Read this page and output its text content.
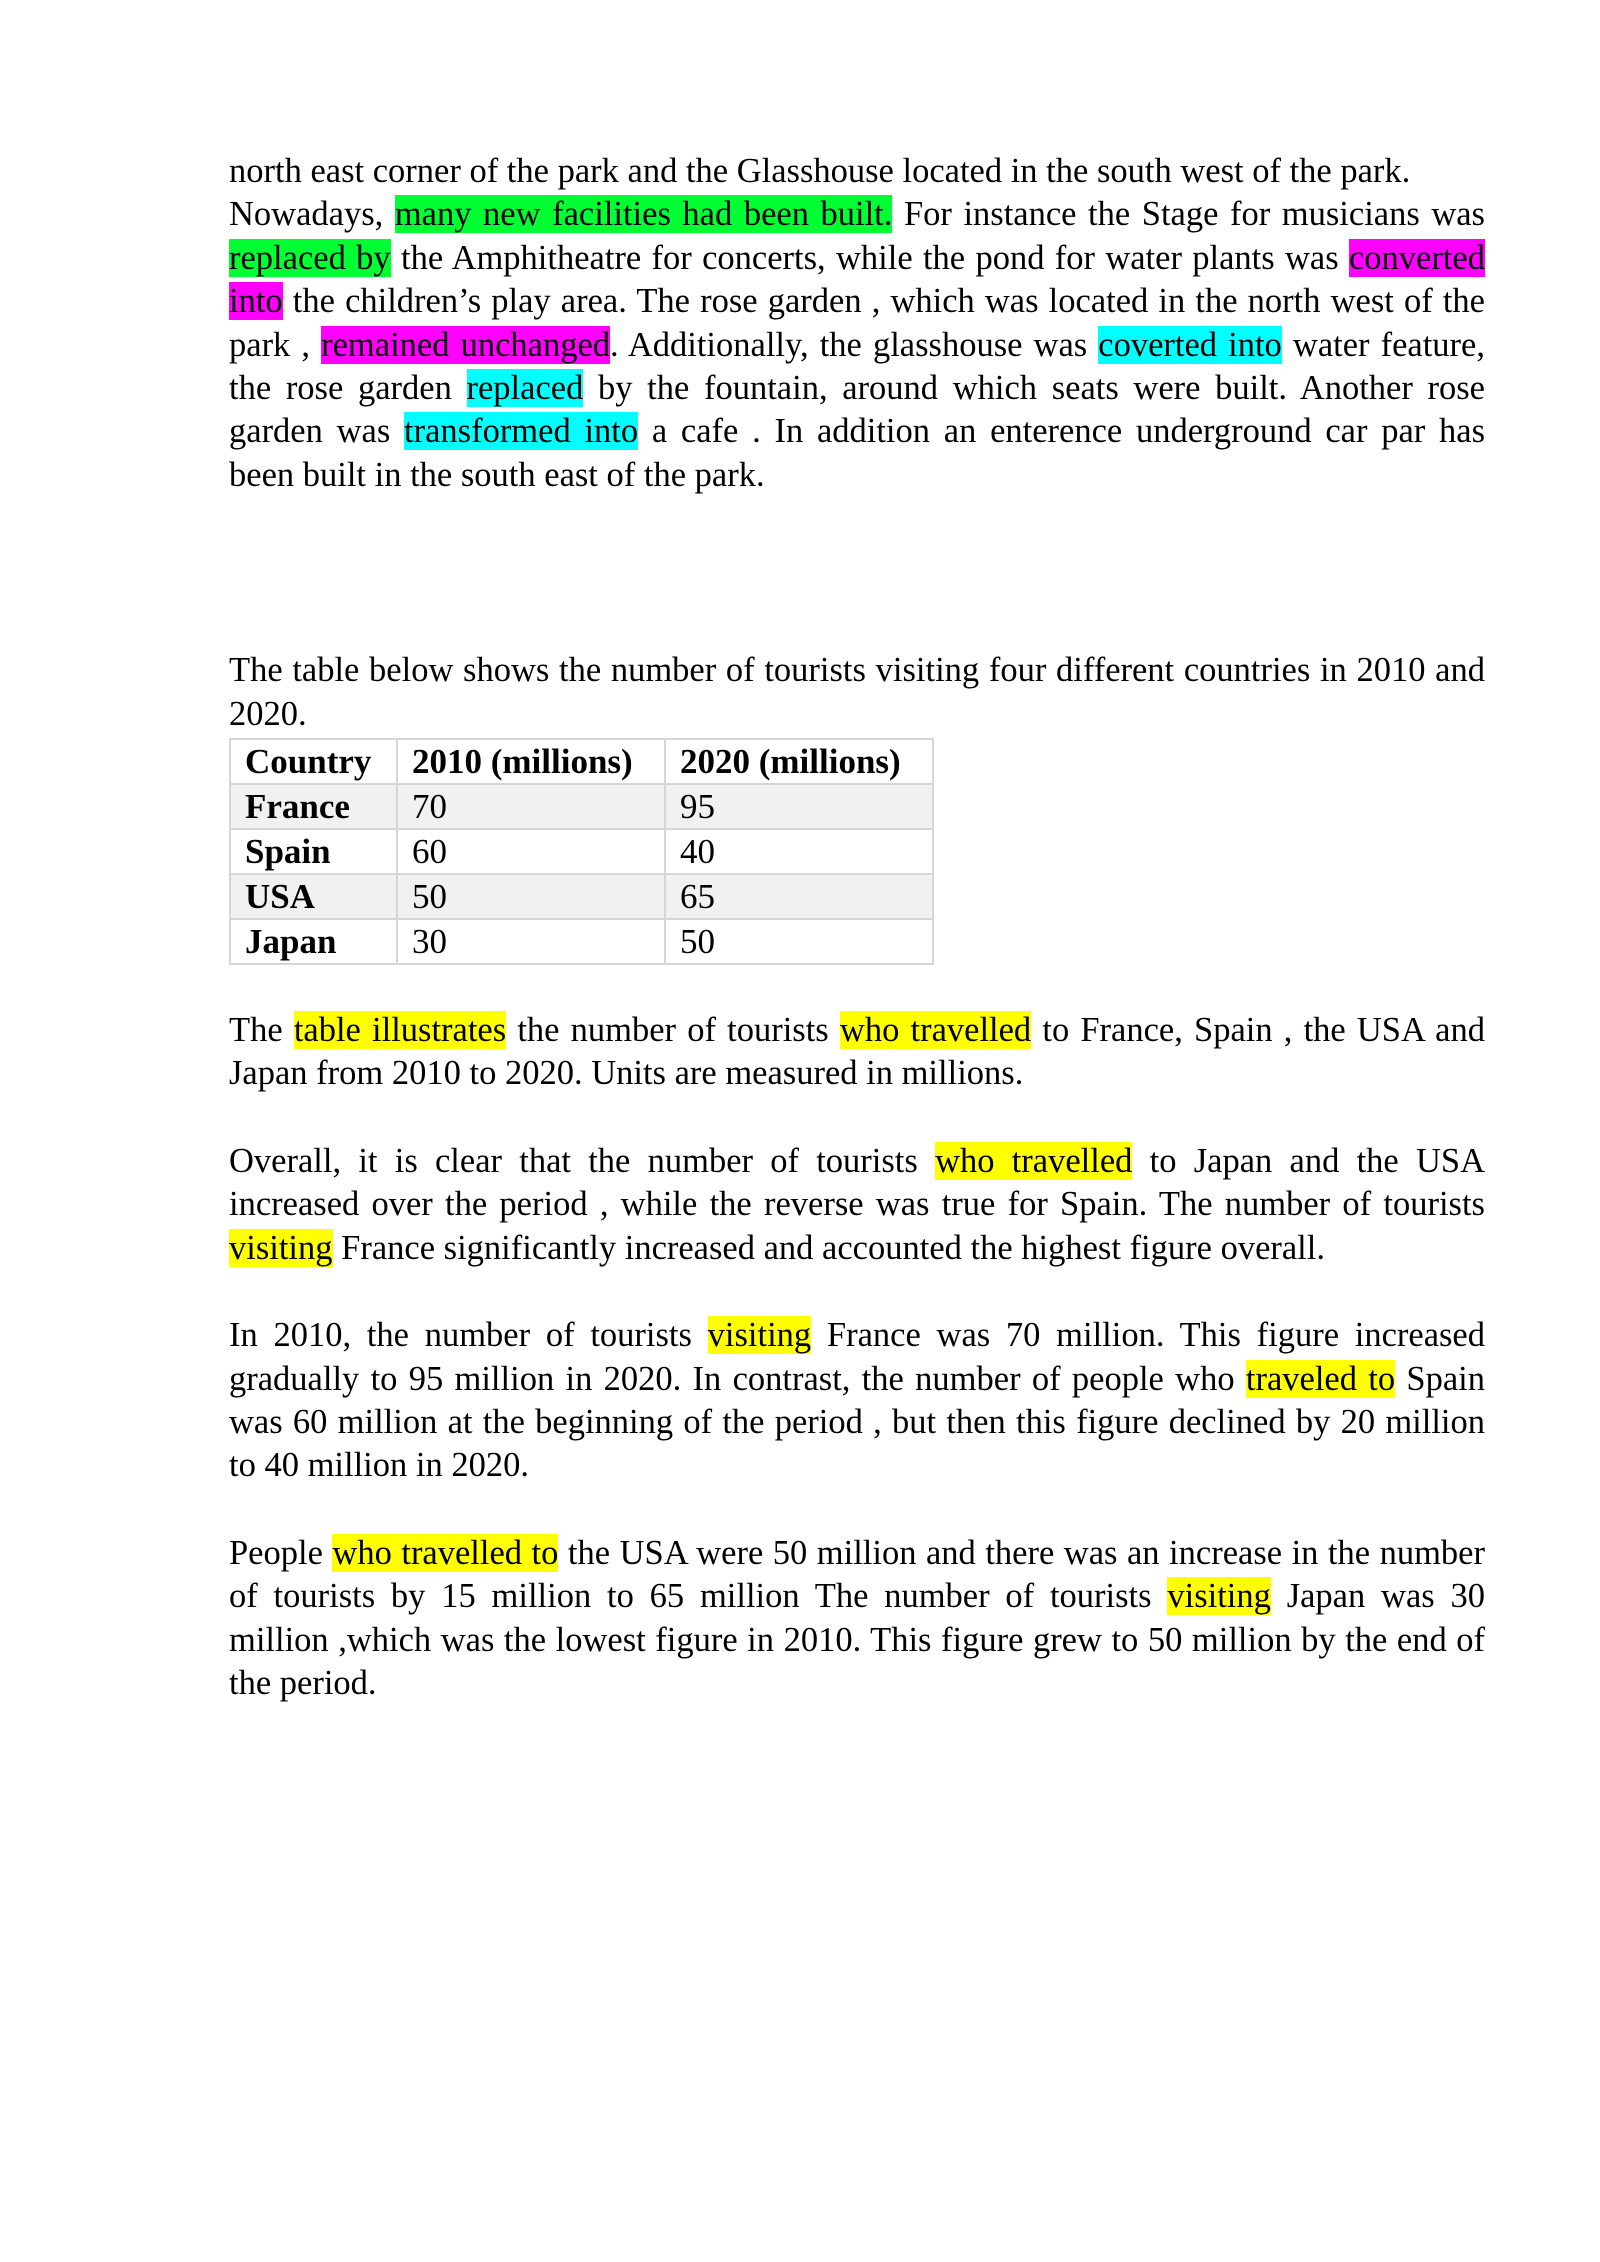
north east corner of the park and the Glasshouse located in the south west of the park.

Nowadays, many new facilities had been built. For instance the Stage for musicians was replaced by the Amphitheatre for concerts, while the pond for water plants was converted into the children’s play area. The rose garden , which was located in the north west of the park , remained unchanged. Additionally, the glasshouse was coverted into water feature, the rose garden replaced by the fountain, around which seats were built. Another rose garden was transformed into a cafe . In addition an enterence underground car par has been built in the south east of the park.

The table below shows the number of tourists visiting four different countries in 2010 and 2020.

Country	2010 (millions)	2020 (millions)
France	70	95
Spain	60	40
USA	50	65
Japan	30	50

The table illustrates the number of tourists who travelled to France, Spain , the USA and Japan from 2010 to 2020. Units are measured in millions.

Overall, it is clear that the number of tourists who travelled to Japan and the USA increased over the period , while the reverse was true for Spain. The number of tourists visiting France significantly increased and accounted the highest figure overall.

In 2010, the number of tourists visiting France was 70 million. This figure increased gradually to 95 million in 2020. In contrast, the number of people who traveled to Spain was 60 million at the beginning of the period , but then this figure declined by 20 million to 40 million in 2020.

People who travelled to the USA were 50 million and there was an increase in the number of tourists by 15 million to 65 million The number of tourists visiting Japan was 30 million ,which was the lowest figure in 2010. This figure grew to 50 million by the end of the period.
